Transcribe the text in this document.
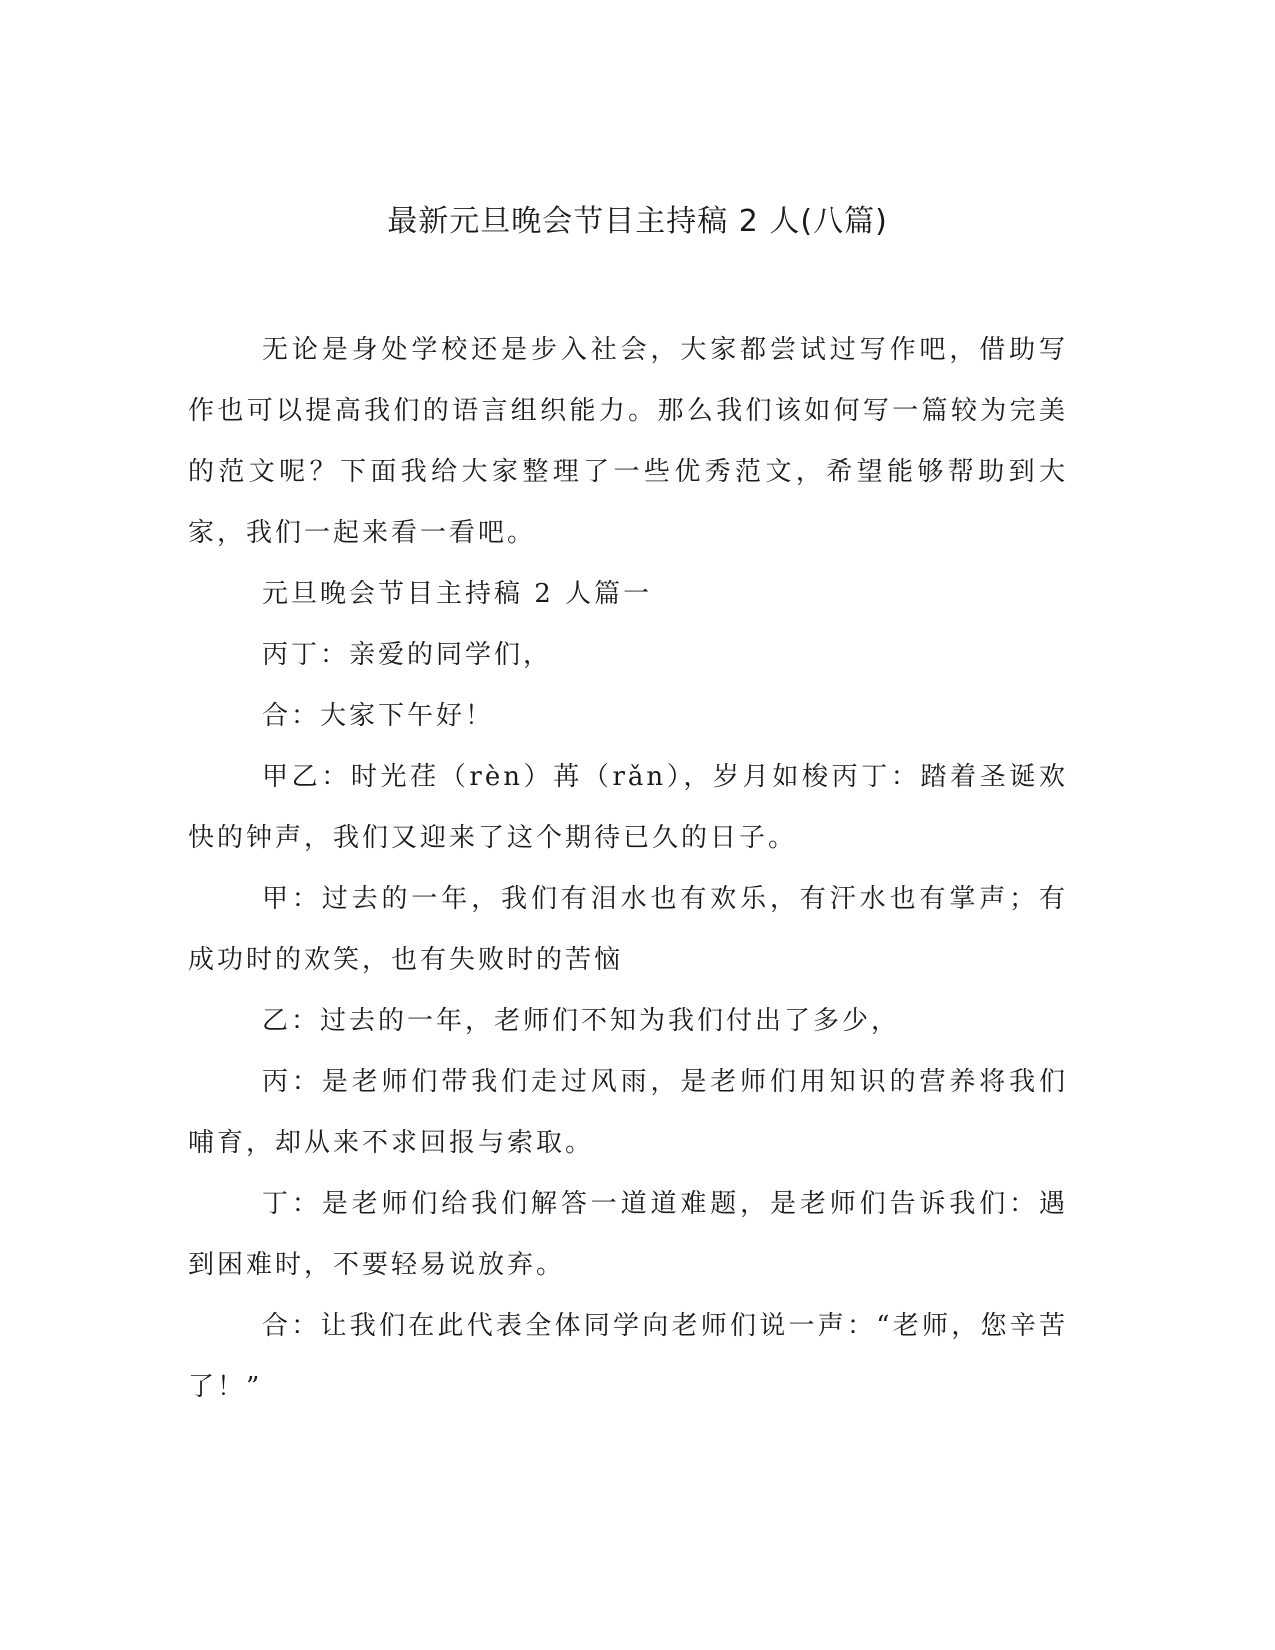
最新元旦晚会节目主持稿 2 人(八篇)

无论是身处学校还是步入社会，大家都尝试过写作吧，借助写作也可以提高我们的语言组织能力。那么我们该如何写一篇较为完美的范文呢？下面我给大家整理了一些优秀范文，希望能够帮助到大家，我们一起来看一看吧。

元旦晚会节目主持稿 2 人篇一

丙丁：亲爱的同学们，

合：大家下午好！

甲乙：时光荏（rèn）苒（rǎn），岁月如梭丙丁：踏着圣诞欢快的钟声，我们又迎来了这个期待已久的日子。

甲：过去的一年，我们有泪水也有欢乐，有汗水也有掌声；有成功时的欢笑，也有失败时的苦恼

乙：过去的一年，老师们不知为我们付出了多少，

丙：是老师们带我们走过风雨，是老师们用知识的营养将我们哺育，却从来不求回报与索取。

丁：是老师们给我们解答一道道难题，是老师们告诉我们：遇到困难时，不要轻易说放弃。

合：让我们在此代表全体同学向老师们说一声：“老师，您辛苦了！”
